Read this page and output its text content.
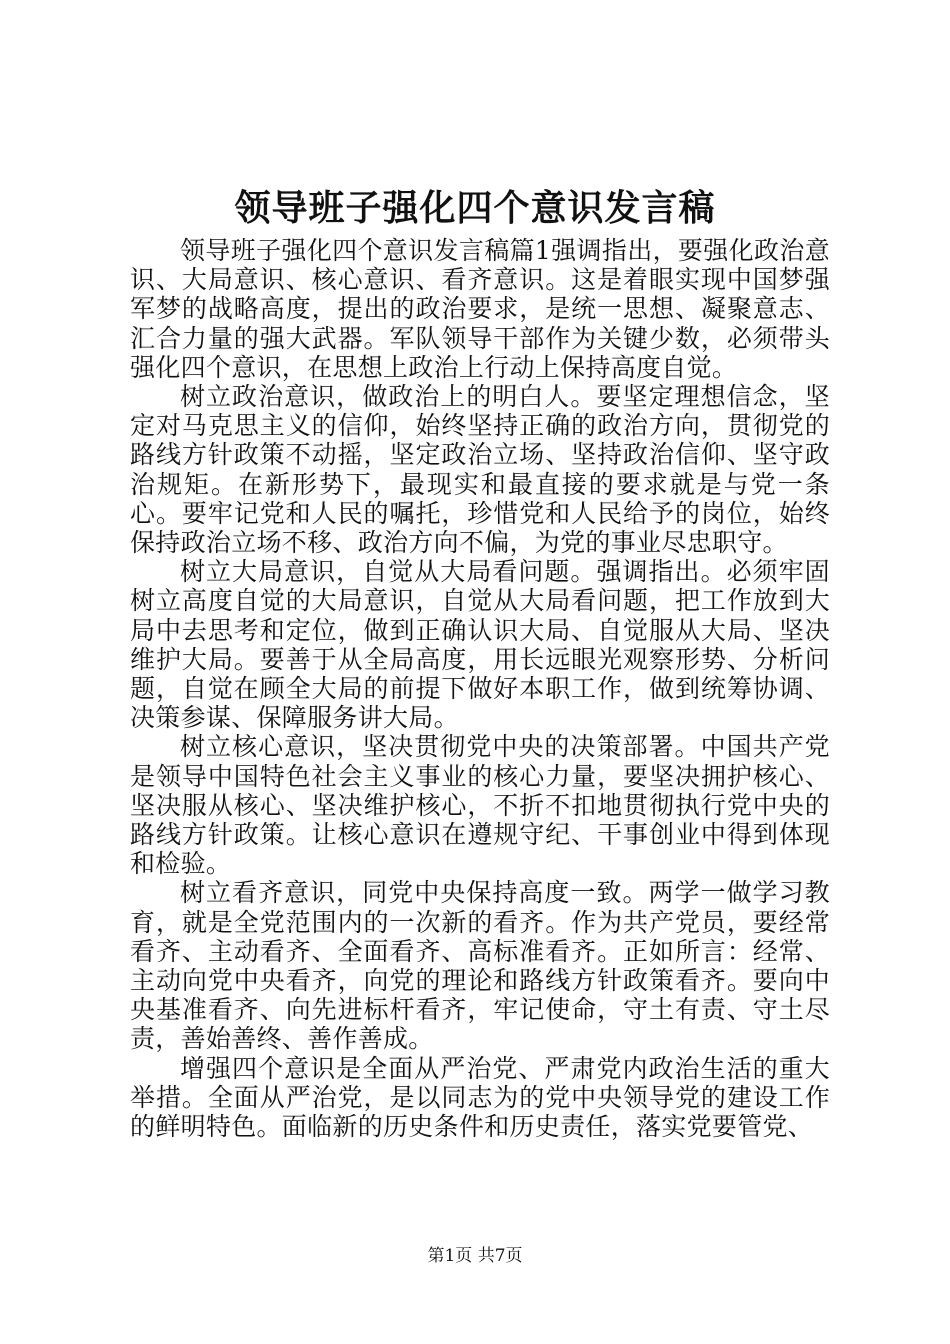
领导班子强化四个意识发言稿

领导班子强化四个意识发言稿篇1强调指出，要强化政治意识、大局意识、核心意识、看齐意识。这是着眼实现中国梦强军梦的战略高度，提出的政治要求，是统一思想、凝聚意志、汇合力量的强大武器。军队领导干部作为关键少数，必须带头强化四个意识，在思想上政治上行动上保持高度自觉。

树立政治意识，做政治上的明白人。要坚定理想信念，坚定对马克思主义的信仰，始终坚持正确的政治方向，贯彻党的路线方针政策不动摇，坚定政治立场、坚持政治信仰、坚守政治规矩。在新形势下，最现实和最直接的要求就是与党一条心。要牢记党和人民的嘱托，珍惜党和人民给予的岗位，始终保持政治立场不移、政治方向不偏，为党的事业尽忠职守。

树立大局意识，自觉从大局看问题。强调指出。必须牢固树立高度自觉的大局意识，自觉从大局看问题，把工作放到大局中去思考和定位，做到正确认识大局、自觉服从大局、坚决维护大局。要善于从全局高度，用长远眼光观察形势、分析问题，自觉在顾全大局的前提下做好本职工作，做到统筹协调、决策参谋、保障服务讲大局。

树立核心意识，坚决贯彻党中央的决策部署。中国共产党是领导中国特色社会主义事业的核心力量，要坚决拥护核心、坚决服从核心、坚决维护核心，不折不扣地贯彻执行党中央的路线方针政策。让核心意识在遵规守纪、干事创业中得到体现和检验。

树立看齐意识，同党中央保持高度一致。两学一做学习教育，就是全党范围内的一次新的看齐。作为共产党员，要经常看齐、主动看齐、全面看齐、高标准看齐。正如所言：经常、主动向党中央看齐，向党的理论和路线方针政策看齐。要向中央基准看齐、向先进标杆看齐，牢记使命，守土有责、守土尽责，善始善终、善作善成。

增强四个意识是全面从严治党、严肃党内政治生活的重大举措。全面从严治党，是以同志为的党中央领导党的建设工作的鲜明特色。面临新的历史条件和历史责任，落实党要管党、

第1页 共7页
